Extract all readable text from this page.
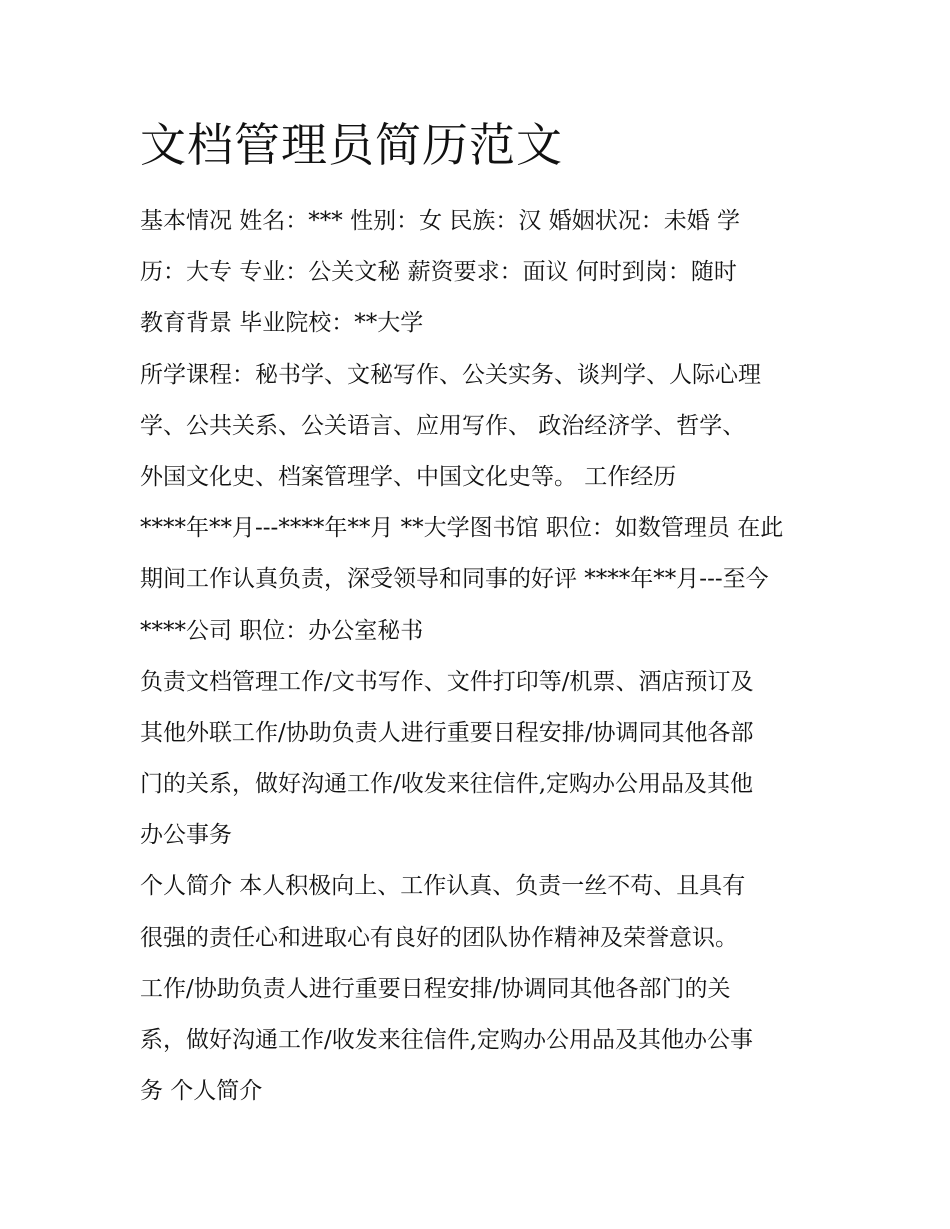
文档管理员简历范文
基本情况 姓名：*** 性别：女 民族：汉 婚姻状况：未婚 学
历：大专 专业：公关文秘 薪资要求：面议 何时到岗：随时
教育背景 毕业院校：**大学
所学课程：秘书学、文秘写作、公关实务、谈判学、人际心理
学、公共关系、公关语言、应用写作、 政治经济学、哲学、
外国文化史、档案管理学、中国文化史等。 工作经历
****年**月---****年**月 **大学图书馆 职位：如数管理员 在此
期间工作认真负责，深受领导和同事的好评 ****年**月---至今
****公司 职位：办公室秘书
负责文档管理工作/文书写作、文件打印等/机票、酒店预订及
其他外联工作/协助负责人进行重要日程安排/协调同其他各部
门的关系，做好沟通工作/收发来往信件,定购办公用品及其他
办公事务
个人简介 本人积极向上、工作认真、负责一丝不苟、且具有
很强的责任心和进取心有良好的团队协作精神及荣誉意识。
工作/协助负责人进行重要日程安排/协调同其他各部门的关
系，做好沟通工作/收发来往信件,定购办公用品及其他办公事
务 个人简介
